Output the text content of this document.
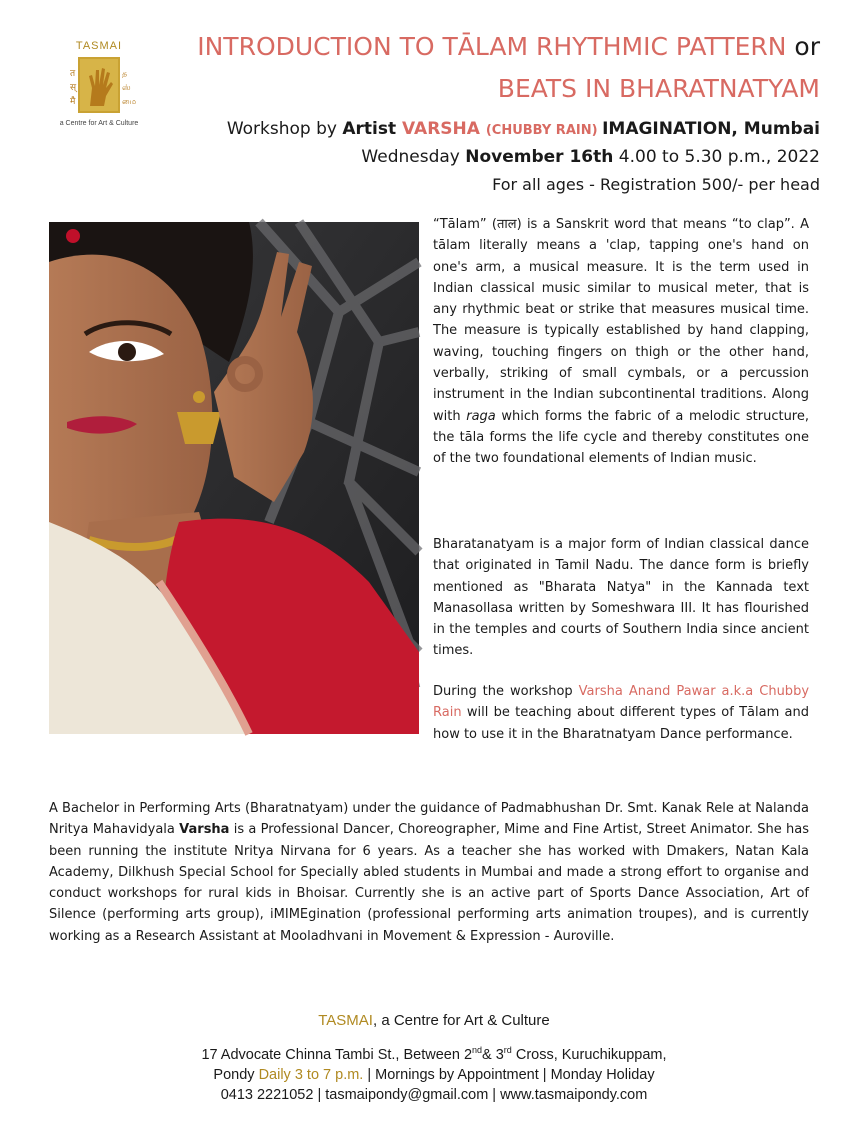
TASMAI
त
स्
मै
த
ஸ்
மை
a Centre for Art & Culture
INTRODUCTION TO TĀLAM RHYTHMIC PATTERN or
BEATS IN BHARATNATYAM
Workshop by Artist VARSHA (CHUBBY RAIN) IMAGINATION, Mumbai
Wednesday November 16th 4.00 to 5.30 p.m., 2022
For all ages - Registration 500/- per head
“Tālam” (ताल) is a Sanskrit word that means “to clap”. A tālam literally means a 'clap, tapping one's hand on one's arm, a musical measure. It is the term used in Indian classical music similar to musical meter, that is any rhythmic beat or strike that measures musical time. The measure is typically established by hand clapping, waving, touching fingers on thigh or the other hand, verbally, striking of small cymbals, or a percussion instrument in the Indian subcontinental traditions. Along with raga which forms the fabric of a melodic structure, the tāla forms the life cycle and thereby constitutes one of the two foundational elements of Indian music.
Bharatanatyam is a major form of Indian classical dance that originated in Tamil Nadu. The dance form is briefly mentioned as "Bharata Natya" in the Kannada text Manasollasa written by Someshwara III. It has flourished in the temples and courts of Southern India since ancient times.
During the workshop Varsha Anand Pawar a.k.a Chubby Rain will be teaching about different types of Tālam and how to use it in the Bharatnatyam Dance performance.
A Bachelor in Performing Arts (Bharatnatyam) under the guidance of Padmabhushan Dr. Smt. Kanak Rele at Nalanda Nritya Mahavidyala Varsha is a Professional Dancer, Choreographer, Mime and Fine Artist, Street Animator. She has been running the institute Nritya Nirvana for 6 years. As a teacher she has worked with Dmakers, Natan Kala Academy, Dilkhush Special School for Specially abled students in Mumbai and made a strong effort to organise and conduct workshops for rural kids in Bhoisar. Currently she is an active part of Sports Dance Association, Art of Silence (performing arts group), iMIMEgination (professional performing arts animation troupes), and is currently working as a Research Assistant at Mooladhvani in Movement & Expression - Auroville.
TASMAI, a Centre for Art & Culture
17 Advocate Chinna Tambi St., Between 2nd& 3rd Cross, Kuruchikuppam,
Pondy Daily 3 to 7 p.m. | Mornings by Appointment | Monday Holiday
0413 2221052 | tasmaipondy@gmail.com | www.tasmaipondy.com
